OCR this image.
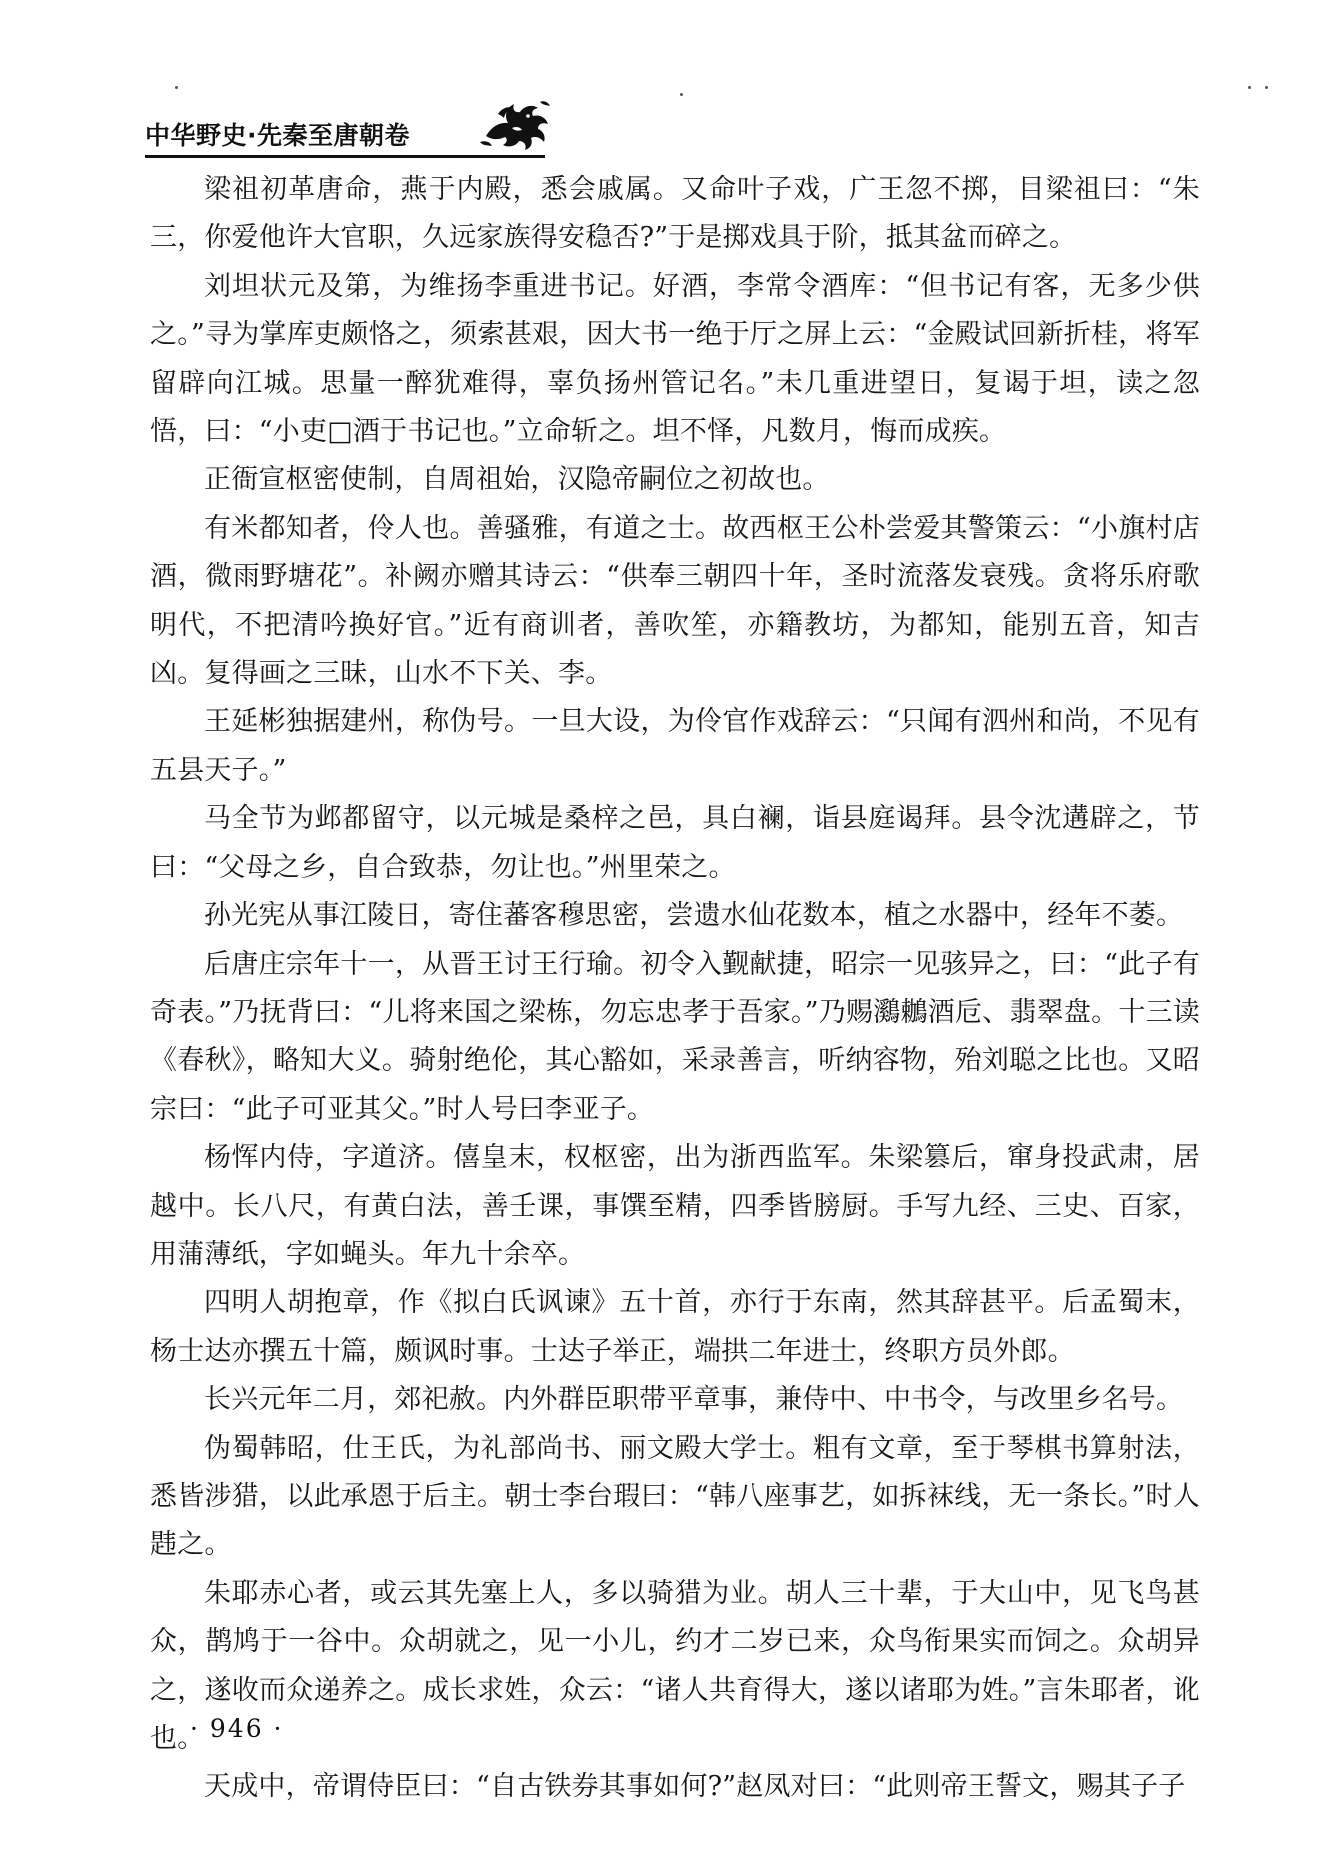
中华野史·先秦至唐朝卷

梁祖初革唐命，燕于内殿，悉会戚属。又命叶子戏，广王忽不掷，目梁祖曰：“朱三，你爱他许大官职，久远家族得安稳否?”于是掷戏具于阶，抵其盆而碎之。

刘坦状元及第，为维扬李重进书记。好酒，李常令酒库：“但书记有客，无多少供之。”寻为掌库吏颇恪之，须索甚艰，因大书一绝于厅之屏上云：“金殿试回新折桂，将军留辟向江城。思量一醉犹难得，辜负扬州管记名。”未几重进望日，复谒于坦，读之忽悟，曰：“小吏□酒于书记也。”立命斩之。坦不怿，凡数月，悔而成疾。

正衙宣枢密使制，自周祖始，汉隐帝嗣位之初故也。

有米都知者，伶人也。善骚雅，有道之士。故西枢王公朴尝爱其警策云：“小旗村店酒，微雨野塘花”。补阙亦赠其诗云：“供奉三朝四十年，圣时流落发衰残。贪将乐府歌明代，不把清吟换好官。”近有商训者，善吹笙，亦籍教坊，为都知，能别五音，知吉凶。复得画之三昧，山水不下关、李。

王延彬独据建州，称伪号。一旦大设，为伶官作戏辞云：“只闻有泗州和尚，不见有五县天子。”

马全节为邺都留守，以元城是桑梓之邑，具白襕，诣县庭谒拜。县令沈遘辟之，节曰：“父母之乡，自合致恭，勿让也。”州里荣之。

孙光宪从事江陵日，寄住蕃客穆思密，尝遗水仙花数本，植之水器中，经年不萎。

后唐庄宗年十一，从晋王讨王行瑜。初令入觐献捷，昭宗一见骇异之，曰：“此子有奇表。”乃抚背曰：“儿将来国之梁栋，勿忘忠孝于吾家。”乃赐鸂鶒酒卮、翡翠盘。十三读《春秋》，略知大义。骑射绝伦，其心豁如，采录善言，听纳容物，殆刘聪之比也。又昭宗曰：“此子可亚其父。”时人号曰李亚子。

杨恽内侍，字道济。僖皇末，权枢密，出为浙西监军。朱梁篡后，窜身投武肃，居越中。长八尺，有黄白法，善壬课，事馔至精，四季皆膀厨。手写九经、三史、百家，用蒲薄纸，字如蝇头。年九十余卒。

四明人胡抱章，作《拟白氏讽谏》五十首，亦行于东南，然其辞甚平。后孟蜀末，杨士达亦撰五十篇，颇讽时事。士达子举正，端拱二年进士，终职方员外郎。

长兴元年二月，郊祀赦。内外群臣职带平章事，兼侍中、中书令，与改里乡名号。

伪蜀韩昭，仕王氏，为礼部尚书、丽文殿大学士。粗有文章，至于琴棋书算射法，悉皆涉猎，以此承恩于后主。朝士李台瑕曰：“韩八座事艺，如拆袜线，无一条长。”时人韪之。

朱耶赤心者，或云其先塞上人，多以骑猎为业。胡人三十辈，于大山中，见飞鸟甚众，鹊鸠于一谷中。众胡就之，见一小儿，约才二岁已来，众鸟衔果实而饲之。众胡异之，遂收而众递养之。成长求姓，众云：“诸人共育得大，遂以诸耶为姓。”言朱耶者，讹也。

天成中，帝谓侍臣曰：“自古铁券其事如何?”赵凤对曰：“此则帝王誓文，赐其子子

· 946 ·
